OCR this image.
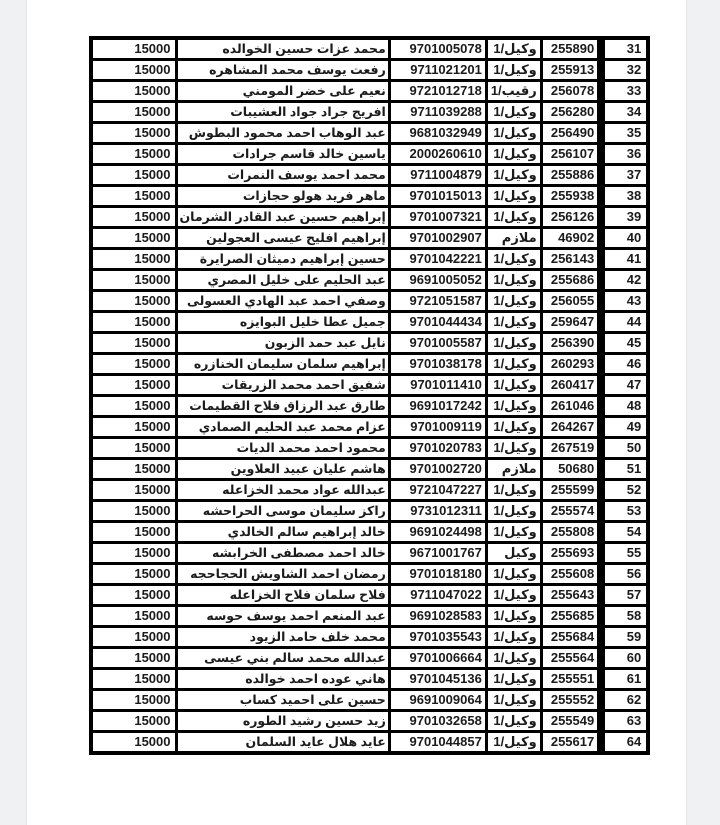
31	255890	وكيل/1	9701005078	محمد عزات حسين الخوالده	15000
32	255913	وكيل/1	9711021201	رفعت يوسف محمد المشاهره	15000
33	256078	رقيب/1	9721012718	نعيم على خضر المومني	15000
34	256280	وكيل/1	9711039288	افريج جراد جواد العشيبات	15000
35	256490	وكيل/1	9681032949	عبد الوهاب احمد محمود البطوش	15000
36	256107	وكيل/1	2000260610	ياسين خالد قاسم جرادات	15000
37	255886	وكيل/1	9711004879	محمد احمد يوسف النمرات	15000
38	255938	وكيل/1	9701015013	ماهر فريد هولو حجازات	15000
39	256126	وكيل/1	9701007321	إبراهيم حسين عبد القادر الشرمان	15000
40	46902	ملازم	9701002907	إبراهيم افليح عيسى العجولين	15000
41	256143	وكيل/1	9701042221	حسين إبراهيم دميثان الصرايرة	15000
42	255686	وكيل/1	9691005052	عبد الحليم على خليل المصري	15000
43	256055	وكيل/1	9721051587	وصفي احمد عبد الهادي العسولى	15000
44	259647	وكيل/1	9701044434	جميل عطا خليل البوايزه	15000
45	256390	وكيل/1	9701005587	نايل عبد حمد الزبون	15000
46	260293	وكيل/1	9701038178	إبراهيم سلمان سليمان الخنازره	15000
47	260417	وكيل/1	9701011410	شفيق احمد محمد الزريقات	15000
48	261046	وكيل/1	9691017242	طارق عبد الرزاق فلاح القطيمات	15000
49	264267	وكيل/1	9701009119	عزام محمد عبد الحليم الصمادي	15000
50	267519	وكيل/1	9701020783	محمود احمد محمد الديات	15000
51	50680	ملازم	9701002720	هاشم عليان عبيد العلاوين	15000
52	255599	وكيل/1	9721047227	عبدالله عواد محمد الخزاعله	15000
53	255574	وكيل/1	9731012311	راكز سليمان موسى الحراحشه	15000
54	255808	وكيل/1	9691024498	خالد إبراهيم سالم الخالدي	15000
55	255693	وكيل	9671001767	خالد احمد مصطفى الخرابشه	15000
56	255608	وكيل/1	9701018180	رمضان احمد الشاويش الحجاحجه	15000
57	255643	وكيل/1	9711047022	فلاح سلمان فلاح الخزاعله	15000
58	255685	وكيل/1	9691028583	عبد المنعم احمد يوسف حوسه	15000
59	255684	وكيل/1	9701035543	محمد خلف حامد الزيود	15000
60	255564	وكيل/1	9701006664	عبدالله محمد سالم بني عيسى	15000
61	255551	وكيل/1	9701045136	هاني عوده احمد خوالده	15000
62	255552	وكيل/1	9691009064	حسين على احميد كساب	15000
63	255549	وكيل/1	9701032658	زيد حسين رشيد الطوره	15000
64	255617	وكيل/1	9701044857	عايد هلال عايد السلمان	15000
